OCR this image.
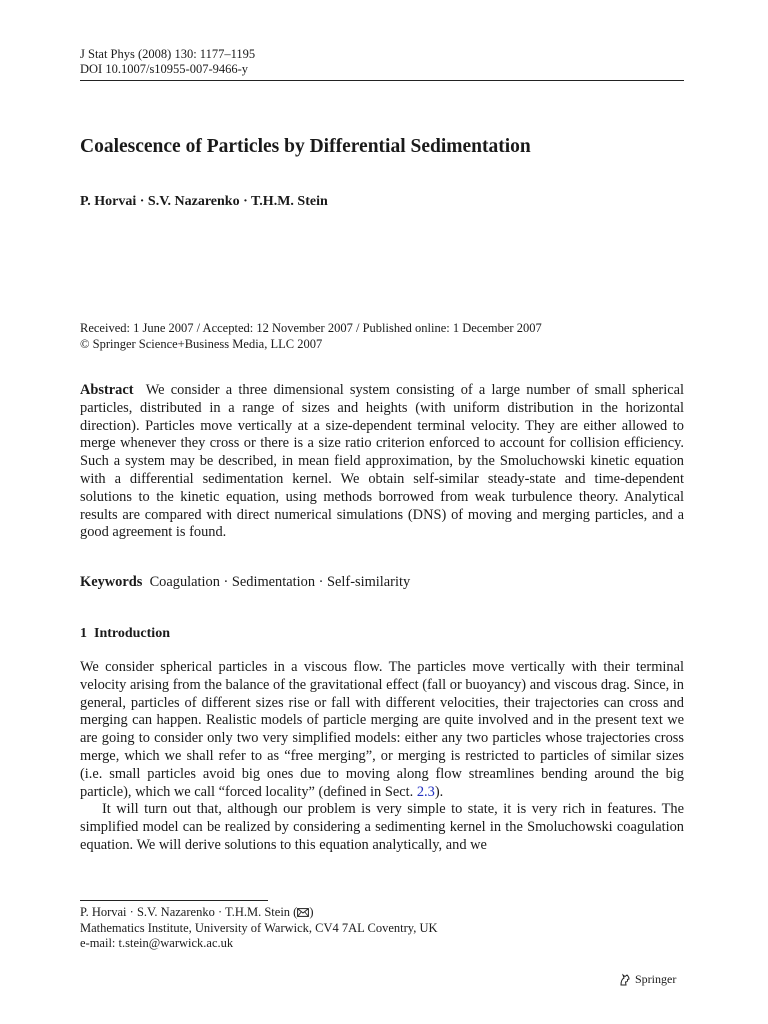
J Stat Phys (2008) 130: 1177–1195
DOI 10.1007/s10955-007-9466-y
Coalescence of Particles by Differential Sedimentation
P. Horvai · S.V. Nazarenko · T.H.M. Stein
Received: 1 June 2007 / Accepted: 12 November 2007 / Published online: 1 December 2007
© Springer Science+Business Media, LLC 2007
Abstract We consider a three dimensional system consisting of a large number of small spherical particles, distributed in a range of sizes and heights (with uniform distribution in the horizontal direction). Particles move vertically at a size-dependent terminal velocity. They are either allowed to merge whenever they cross or there is a size ratio criterion enforced to account for collision efficiency. Such a system may be described, in mean field approximation, by the Smoluchowski kinetic equation with a differential sedimentation kernel. We obtain self-similar steady-state and time-dependent solutions to the kinetic equation, using methods borrowed from weak turbulence theory. Analytical results are compared with direct numerical simulations (DNS) of moving and merging particles, and a good agreement is found.
Keywords Coagulation · Sedimentation · Self-similarity
1 Introduction

We consider spherical particles in a viscous flow. The particles move vertically with their terminal velocity arising from the balance of the gravitational effect (fall or buoyancy) and viscous drag. Since, in general, particles of different sizes rise or fall with different velocities, their trajectories can cross and merging can happen. Realistic models of particle merging are quite involved and in the present text we are going to consider only two very simplified models: either any two particles whose trajectories cross merge, which we shall refer to as “free merging”, or merging is restricted to particles of similar sizes (i.e. small particles avoid big ones due to moving along flow streamlines bending around the big particle), which we call “forced locality” (defined in Sect. 2.3).

It will turn out that, although our problem is very simple to state, it is very rich in features. The simplified model can be realized by considering a sedimenting kernel in the Smoluchowski coagulation equation. We will derive solutions to this equation analytically, and we

P. Horvai · S.V. Nazarenko · T.H.M. Stein ( )
Mathematics Institute, University of Warwick, CV4 7AL Coventry, UK
e-mail: t.stein@warwick.ac.uk
Springer
